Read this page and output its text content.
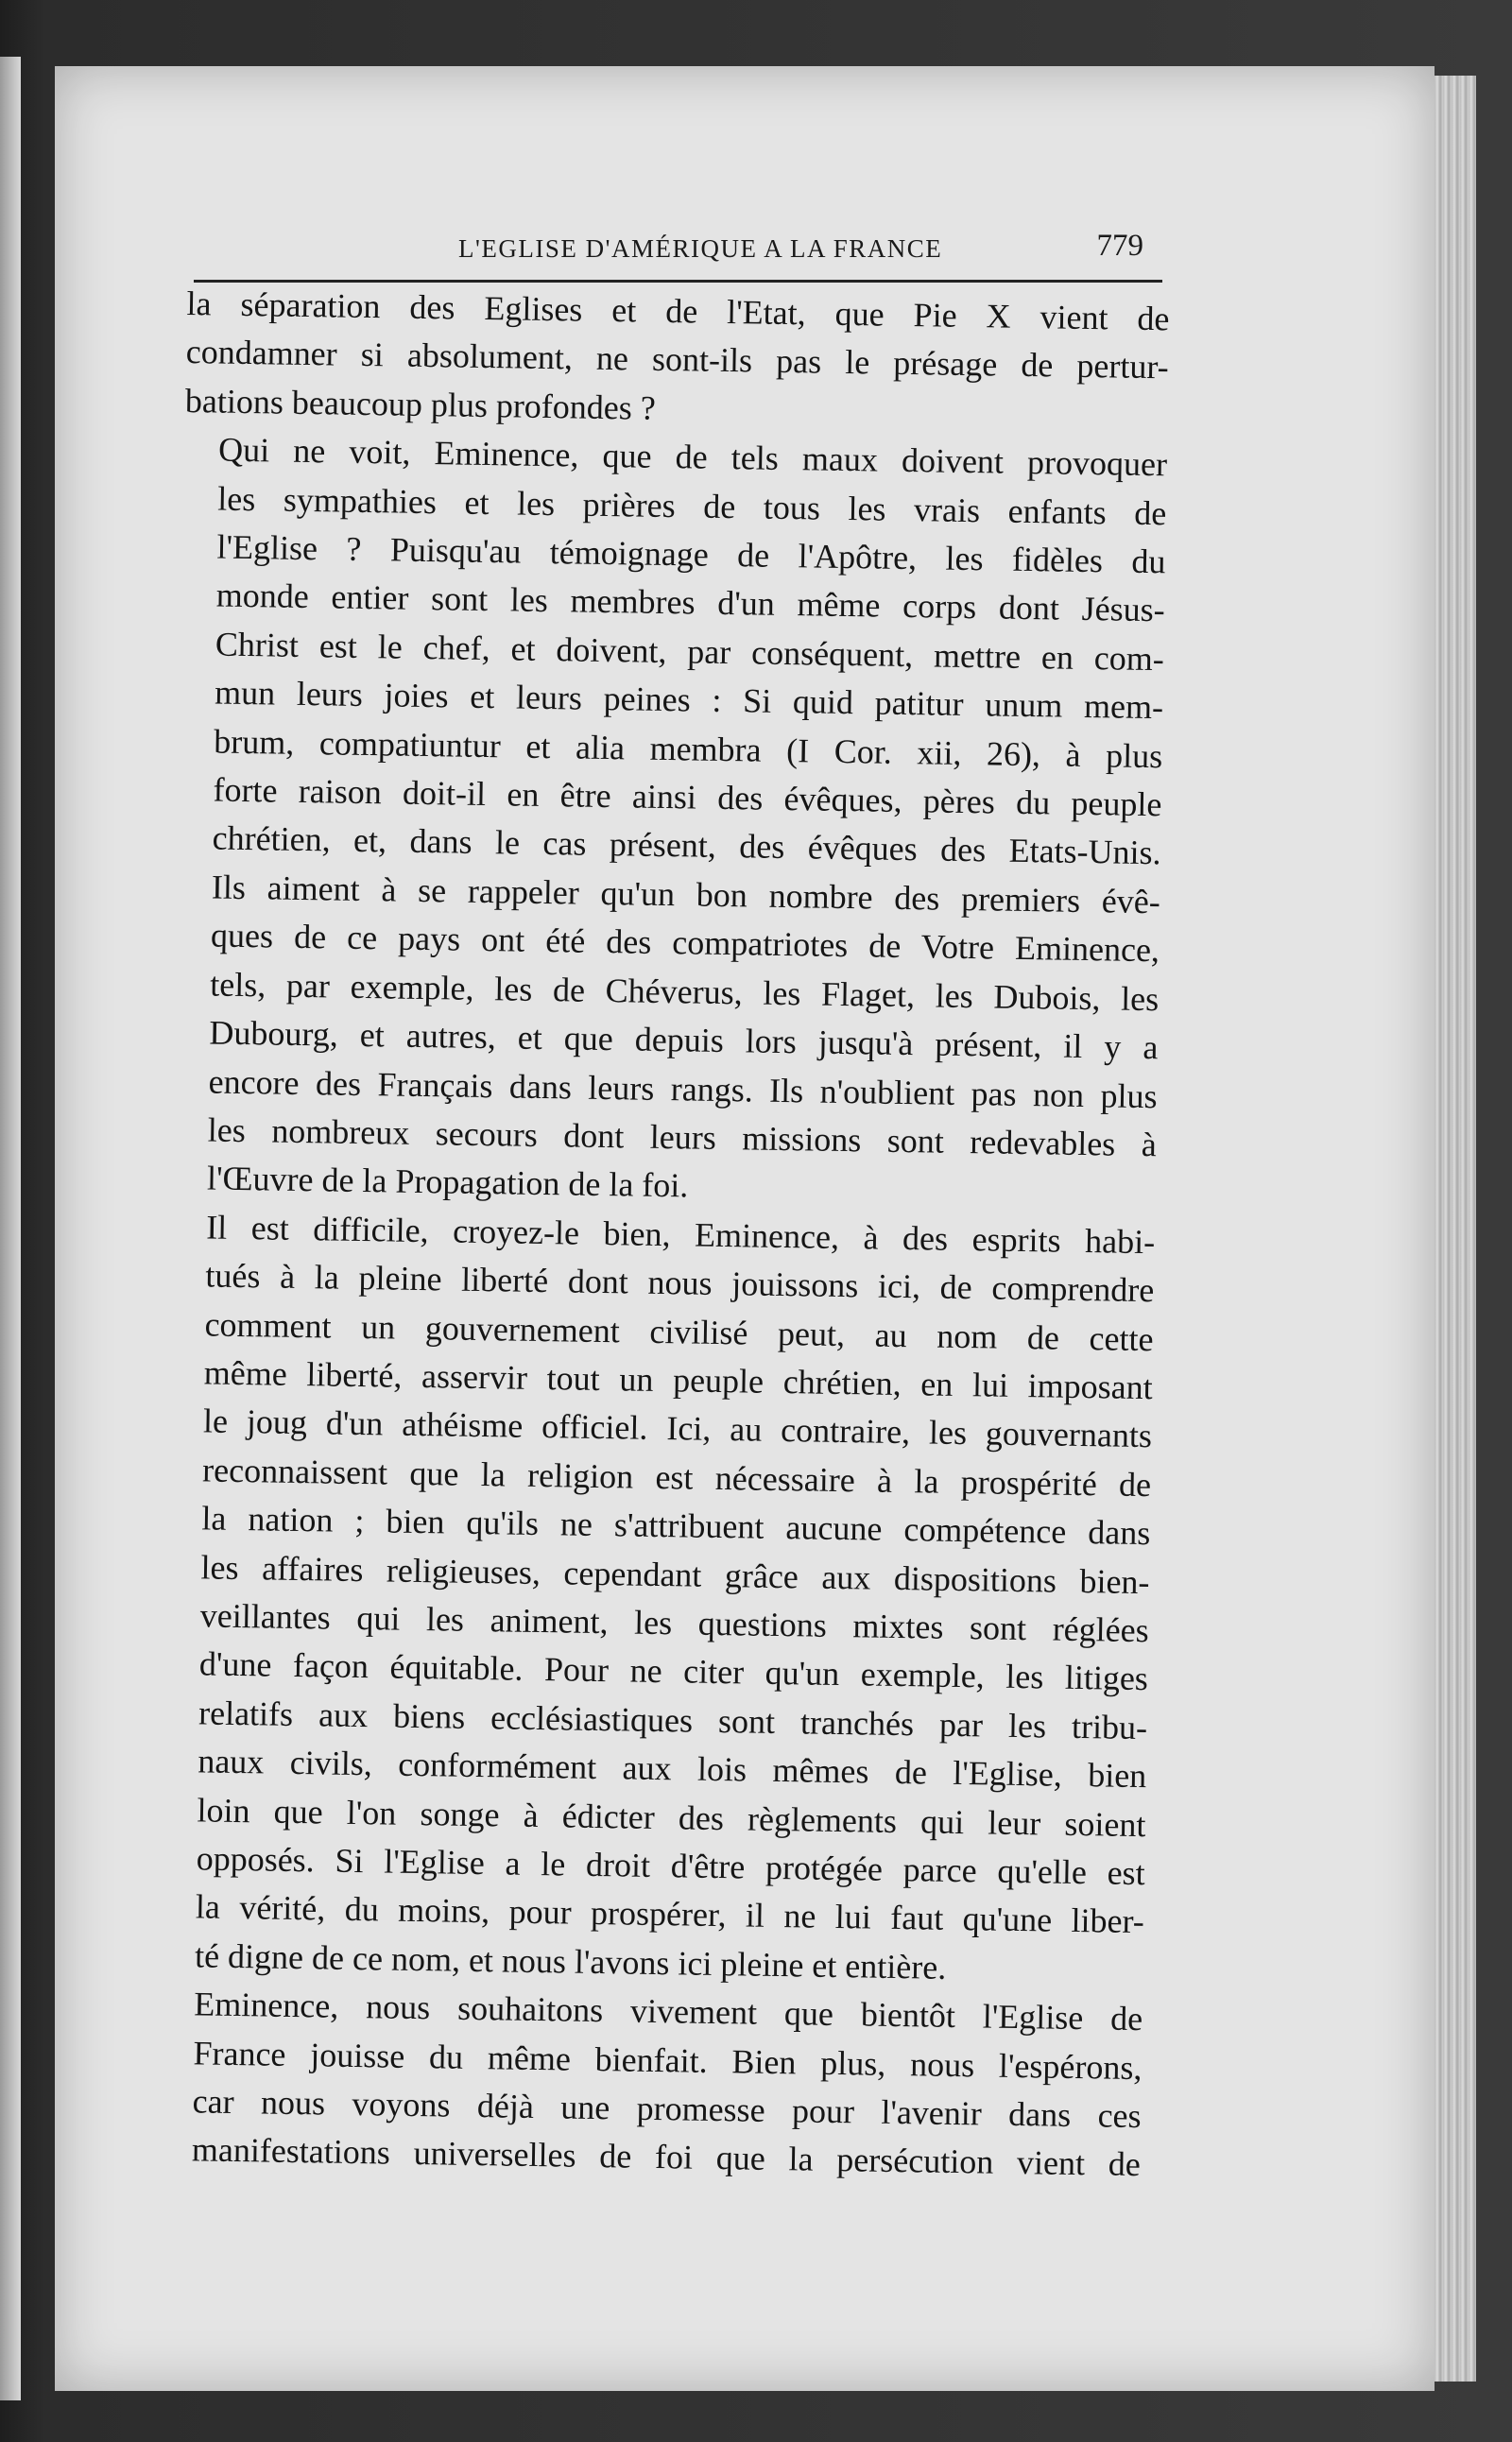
L'EGLISE D'AMÉRIQUE A LA FRANCE	779

la séparation des Eglises et de l'Etat, que Pie X vient de
condamner si absolument, ne sont-ils pas le présage de pertur-
bations beaucoup plus profondes ?

Qui ne voit, Eminence, que de tels maux doivent provoquer
les sympathies et les prières de tous les vrais enfants de
l'Eglise ? Puisqu'au témoignage de l'Apôtre, les fidèles du
monde entier sont les membres d'un même corps dont Jésus-
Christ est le chef, et doivent, par conséquent, mettre en com-
mun leurs joies et leurs peines : Si quid patitur unum mem-
brum, compatiuntur et alia membra (I Cor. xii, 26), à plus
forte raison doit-il en être ainsi des évêques, pères du peuple
chrétien, et, dans le cas présent, des évêques des Etats-Unis.
Ils aiment à se rappeler qu'un bon nombre des premiers évê-
ques de ce pays ont été des compatriotes de Votre Eminence,
tels, par exemple, les de Chéverus, les Flaget, les Dubois, les
Dubourg, et autres, et que depuis lors jusqu'à présent, il y a
encore des Français dans leurs rangs. Ils n'oublient pas non plus
les nombreux secours dont leurs missions sont redevables à
l'Œuvre de la Propagation de la foi.

Il est difficile, croyez-le bien, Eminence, à des esprits habi-
tués à la pleine liberté dont nous jouissons ici, de comprendre
comment un gouvernement civilisé peut, au nom de cette
même liberté, asservir tout un peuple chrétien, en lui imposant
le joug d'un athéisme officiel. Ici, au contraire, les gouvernants
reconnaissent que la religion est nécessaire à la prospérité de
la nation ; bien qu'ils ne s'attribuent aucune compétence dans
les affaires religieuses, cependant grâce aux dispositions bien-
veillantes qui les animent, les questions mixtes sont réglées
d'une façon équitable. Pour ne citer qu'un exemple, les litiges
relatifs aux biens ecclésiastiques sont tranchés par les tribu-
naux civils, conformément aux lois mêmes de l'Eglise, bien
loin que l'on songe à édicter des règlements qui leur soient
opposés. Si l'Eglise a le droit d'être protégée parce qu'elle est
la vérité, du moins, pour prospérer, il ne lui faut qu'une liber-
té digne de ce nom, et nous l'avons ici pleine et entière.

Eminence, nous souhaitons vivement que bientôt l'Eglise de
France jouisse du même bienfait. Bien plus, nous l'espérons,
car nous voyons déjà une promesse pour l'avenir dans ces
manifestations universelles de foi que la persécution vient de
